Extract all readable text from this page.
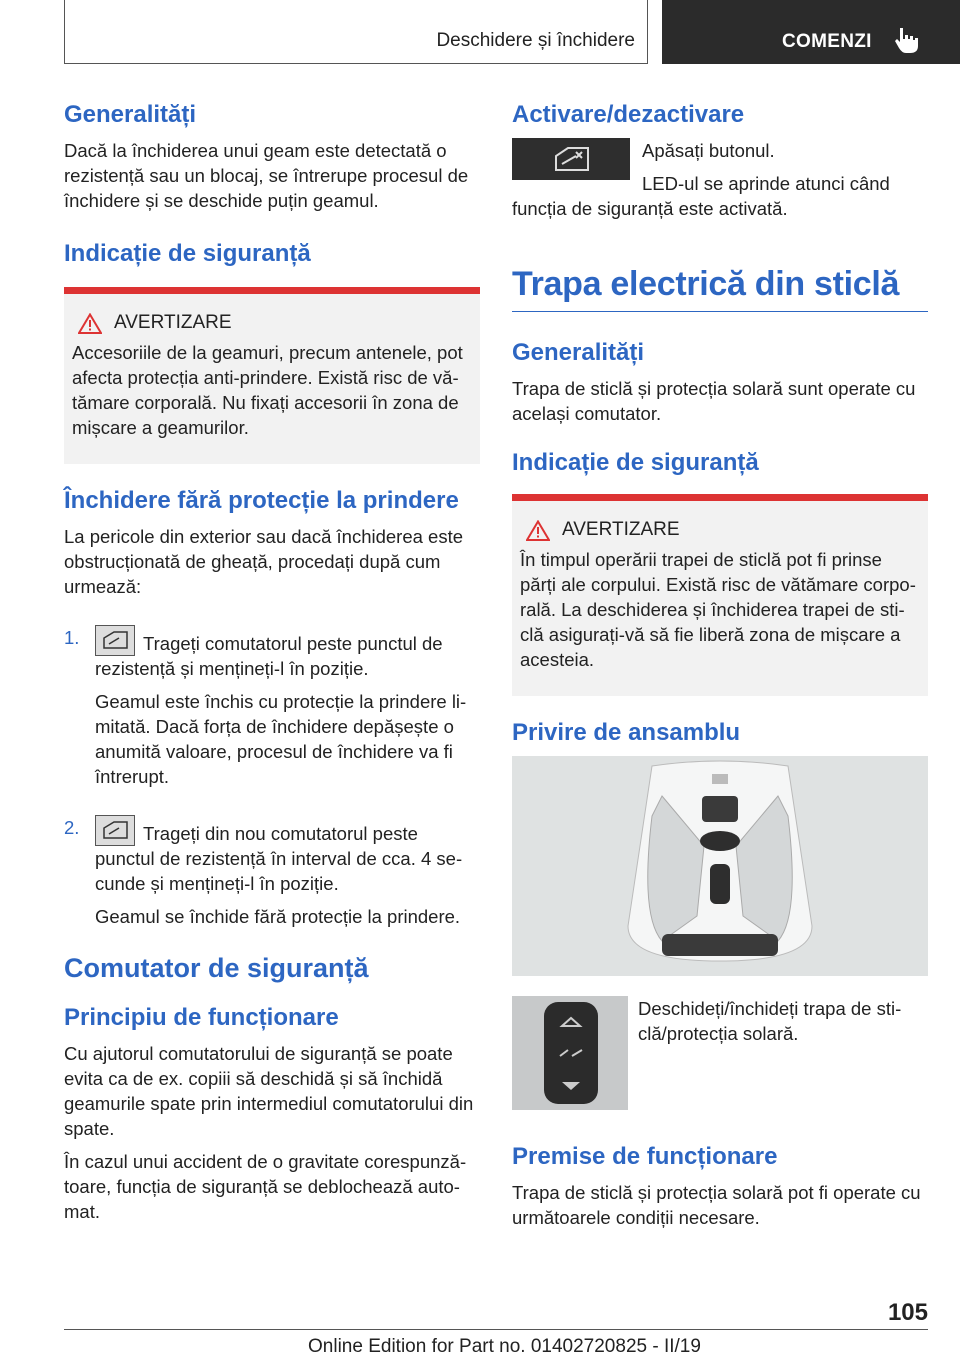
Deschidere și închidere	COMENZI
Generalități

Dacă la închiderea unui geam este detectată o rezistență sau un blocaj, se întrerupe procesul de închidere și se deschide puțin geamul.

Indicație de siguranță
AVERTIZARE

Accesoriile de la geamuri, precum antenele, pot afecta protecția anti-prindere. Există risc de vă-tămare corporală. Nu fixați accesorii în zona de mișcare a geamurilor.

Închidere fără protecție la prindere

La pericole din exterior sau dacă închiderea este obstrucționată de gheață, procedați după cum urmează:

1.	Trageți comutatorul peste punctul de rezistență și mențineți-l în poziție.

Geamul este închis cu protecție la prindere li-mitată. Dacă forța de închidere depășește o anumită valoare, procesul de închidere va fi întrerupt.

2.	Trageți din nou comutatorul peste punctul de rezistență în interval de cca. 4 se-cunde și mențineți-l în poziție.

Geamul se închide fără protecție la prindere.

Comutator de siguranță
Principiu de funcționare

Cu ajutorul comutatorului de siguranță se poate evita ca de ex. copiii să deschidă și să închidă geamurile spate prin intermediul comutatorului din spate.

În cazul unui accident de o gravitate corespunză-toare, funcția de siguranță se deblochează auto-mat.

Activare/dezactivare

Apăsați butonul.

LED-ul se aprinde atunci când funcția de siguranță este activată.

Trapa electrică din sticlă
Generalități

Trapa de sticlă și protecția solară sunt operate cu același comutator.

Indicație de siguranță
AVERTIZARE

În timpul operării trapei de sticlă pot fi prinse părți ale corpului. Există risc de vătămare corpo-rală. La deschiderea și închiderea trapei de sti-clă asigurați-vă să fie liberă zona de mișcare a acesteia.

Privire de ansamblu

Deschideți/închideți trapa de sti-clă/protecția solară.

Premise de funcționare

Trapa de sticlă și protecția solară pot fi operate cu următoarele condiții necesare.

105
Online Edition for Part no. 01402720825 - II/19
